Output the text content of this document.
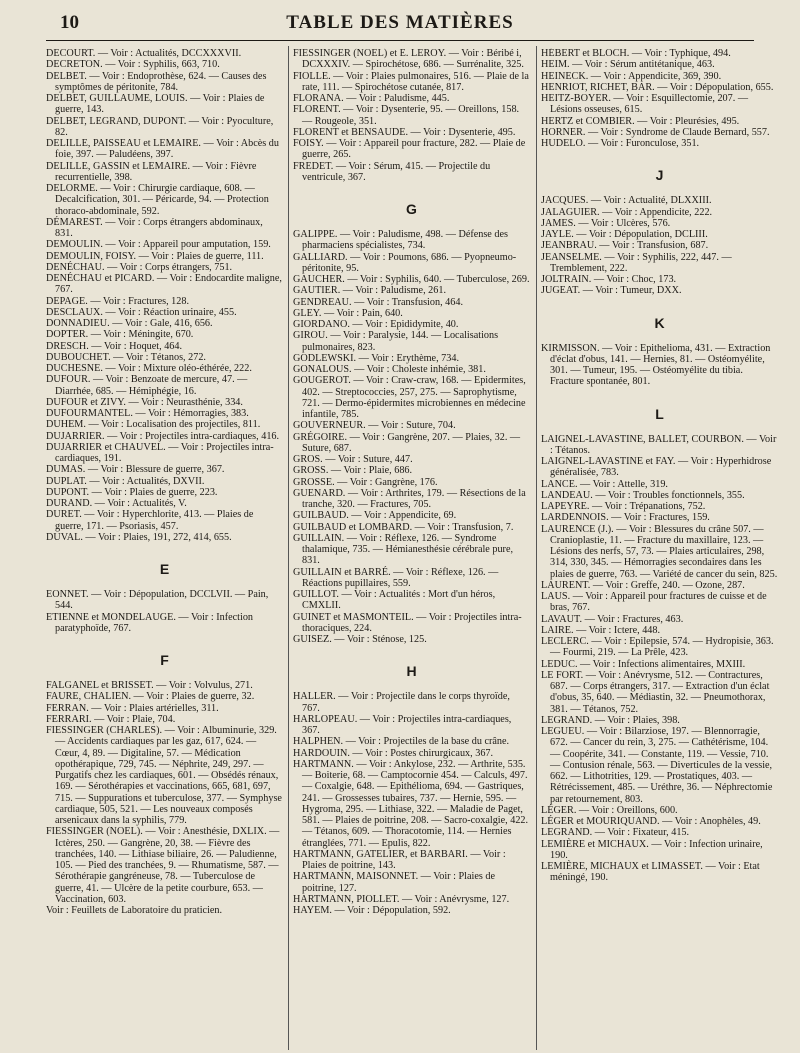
10	TABLE DES MATIÈRES

DECOURT. — Voir : Actualités, DCCXXXVII.

DECRETON. — Voir : Syphilis, 663, 710.

DELBET. — Voir : Endoprothèse, 624. — Causes des symptômes de péritonite, 784.

DELBET, GUILLAUME, LOUIS. — Voir : Plaies de guerre, 143.

DELBET, LEGRAND, DUPONT. — Voir : Pyoculture, 82.

DELILLE, PAISSEAU et LEMAIRE. — Voir : Abcès du foie, 397. — Paludéens, 397.

DELILLE, GASSIN et LEMAIRE. — Voir : Fièvre recurrentielle, 398.

DELORME. — Voir : Chirurgie cardiaque, 608. — Decalcification, 301. — Péricarde, 94. — Protection thoraco-abdominale, 592.

DÉMAREST. — Voir : Corps étrangers abdominaux, 831.

DEMOULIN. — Voir : Appareil pour amputation, 159.

DEMOULIN, FOISY. — Voir : Plaies de guerre, 111.

DENÉCHAU. — Voir : Corps étrangers, 751.

DENÉCHAU et PICARD. — Voir : Endocardite maligne, 767.

DEPAGE. — Voir : Fractures, 128.

DESCLAUX. — Voir : Réaction urinaire, 455.

DONNADIEU. — Voir : Gale, 416, 656.

DOPTER. — Voir : Méningite, 670.

DRESCH. — Voir : Hoquet, 464.

DUBOUCHET. — Voir : Tétanos, 272.

DUCHESNE. — Voir : Mixture oléo-éthérée, 222.

DUFOUR. — Voir : Benzoate de mercure, 47. — Diarrhée, 685. — Hémiphégie, 16.

DUFOUR et ZIVY. — Voir : Neurasthénie, 334.

DUFOURMANTEL. — Voir : Hémorragies, 383.

DUHEM. — Voir : Localisation des projectiles, 811.

DUJARRIER. — Voir : Projectiles intra-cardiaques, 416.

DUJARRIER et CHAUVEL. — Voir : Projectiles intra-cardiaques, 191.

DUMAS. — Voir : Blessure de guerre, 367.

DUPLAT. — Voir : Actualités, DXVII.

DUPONT. — Voir : Plaies de guerre, 223.

DURAND. — Voir : Actualités, V.

DURET. — Voir : Hyperchlorite, 413. — Plaies de guerre, 171. — Psoriasis, 457.

DUVAL. — Voir : Plaies, 191, 272, 414, 655.

E

EONNET. — Voir : Dépopulation, DCCLVII. — Pain, 544.

ETIENNE et MONDELAUGE. — Voir : Infection paratyphoïde, 767.

F

FALGANEL et BRISSET. — Voir : Volvulus, 271.

FAURE, CHALIEN. — Voir : Plaies de guerre, 32.

FERRAN. — Voir : Plaies artérielles, 311.

FERRARI. — Voir : Plaie, 704.

FIESSINGER (CHARLES). — Voir : Albuminurie, 329. — Accidents cardiaques par les gaz, 617, 624. — Cœur, 4, 89. — Digitaline, 57. — Médication opothérapique, 729, 745. — Néphrite, 249, 297. — Purgatifs chez les cardiaques, 601. — Obsédés rénaux, 169. — Sérothérapies et vaccinations, 665, 681, 697, 715. — Suppurations et tuberculose, 377. — Symphyse cardiaque, 505, 521. — Les nouveaux composés arsenicaux dans la syphilis, 779.

FIESSINGER (NOEL). — Voir : Anesthésie, DXLIX. — Ictères, 250. — Gangrène, 20, 38. — Fièvre des tranchées, 140. — Lithiase biliaire, 26. — Paludienne, 105. — Pied des tranchées, 9. — Rhumatisme, 587. — Sérothérapie gangréneuse, 78. — Tuberculose de guerre, 41. — Ulcère de la petite courbure, 653. — Vaccination, 603.

Voir : Feuillets de Laboratoire du praticien.

FIESSINGER (NOEL) et E. LEROY. — Voir : Béribé i, DCXXXIV. — Spirochétose, 686. — Surrénalite, 325.

FIOLLE. — Voir : Plaies pulmonaires, 516. — Plaie de la rate, 111. — Spirochétose cutanée, 817.

FLORANA. — Voir : Paludisme, 445.

FLORENT. — Voir : Dysenterie, 95. — Oreillons, 158. — Rougeole, 351.

FLORENT et BENSAUDE. — Voir : Dysenterie, 495.

FOISY. — Voir : Appareil pour fracture, 282. — Plaie de guerre, 265.

FREDET. — Voir : Sérum, 415. — Projectile du ventricule, 367.

G

GALIPPE. — Voir : Paludisme, 498. — Défense des pharmaciens spécialistes, 734.

GALLIARD. — Voir : Poumons, 686. — Pyopneumo-péritonite, 95.

GAUCHER. — Voir : Syphilis, 640. — Tuberculose, 269.

GAUTIER. — Voir : Paludisme, 261.

GENDREAU. — Voir : Transfusion, 464.

GLEY. — Voir : Pain, 640.

GIORDANO. — Voir : Epididymite, 40.

GIROU. — Voir : Paralysie, 144. — Localisations pulmonaires, 823.

GODLEWSKI. — Voir : Erythème, 734.

GONALOUS. — Voir : Choleste inhémie, 381.

GOUGEROT. — Voir : Craw-craw, 168. — Epidermites, 402. — Streptococcies, 257, 275. — Saprophytisme, 721. — Dermo-épidermites microbiennes en médecine infantile, 785.

GOUVERNEUR. — Voir : Suture, 704.

GRÉGOIRE. — Voir : Gangrène, 207. — Plaies, 32. — Suture, 687.

GROS. — Voir : Suture, 447.

GROSS. — Voir : Plaie, 686.

GROSSE. — Voir : Gangrène, 176.

GUENARD. — Voir : Arthrites, 179. — Résections de la tranche, 320. — Fractures, 705.

GUILBAUD. — Voir : Appendicite, 69.

GUILBAUD et LOMBARD. — Voir : Transfusion, 7.

GUILLAIN. — Voir : Réflexe, 126. — Syndrome thalamique, 735. — Hémianesthésie cérébrale pure, 831.

GUILLAIN et BARRÉ. — Voir : Réflexe, 126. — Réactions pupillaires, 559.

GUILLOT. — Voir : Actualités : Mort d'un héros, CMXLII.

GUINET et MASMONTEIL. — Voir : Projectiles intra-thoraciques, 224.

GUISEZ. — Voir : Sténose, 125.

H

HALLER. — Voir : Projectile dans le corps thyroïde, 767.

HARLOPEAU. — Voir : Projectiles intra-cardiaques, 367.

HALPHEN. — Voir : Projectiles de la base du crâne.

HARDOUIN. — Voir : Postes chirurgicaux, 367.

HARTMANN. — Voir : Ankylose, 232. — Arthrite, 535. — Boiterie, 68. — Camptocornie 454. — Calculs, 497. — Coxalgie, 648. — Epithélioma, 694. — Gastriques, 241. — Grossesses tubaires, 737. — Hernie, 595. — Hygroma, 295. — Lithiase, 322. — Maladie de Paget, 581. — Plaies de poitrine, 208. — Sacro-coxalgie, 422. — Tétanos, 609. — Thoracotomie, 114. — Hernies étranglées, 771. — Epulis, 822.

HARTMANN, GATELIER, et BARBARI. — Voir : Plaies de poitrine, 143.

HARTMANN, MAISONNET. — Voir : Plaies de poitrine, 127.

HARTMANN, PIOLLET. — Voir : Anévrysme, 127.

HAYEM. — Voir : Dépopulation, 592.

HÉBERT et BLOCH. — Voir : Typhique, 494.

HEIM. — Voir : Sérum antitétanique, 463.

HEINECK. — Voir : Appendicite, 369, 390.

HENRIOT, RICHET, BAR. — Voir : Dépopulation, 655.

HEITZ-BOYER. — Voir : Esquillectomie, 207. — Lésions osseuses, 615.

HERTZ et COMBIER. — Voir : Pleurésies, 495.

HORNER. — Voir : Syndrome de Claude Bernard, 557.

HUDELO. — Voir : Furonculose, 351.

J

JACQUES. — Voir : Actualité, DLXXIII.

JALAGUIER. — Voir : Appendicite, 222.

JAMES. — Voir : Ulcères, 576.

JAYLE. — Voir : Dépopulation, DCLIII.

JEANBRAU. — Voir : Transfusion, 687.

JEANSELME. — Voir : Syphilis, 222, 447. — Tremblement, 222.

JOLTRAIN. — Voir : Choc, 173.

JUGEAT. — Voir : Tumeur, DXX.

K

KIRMISSON. — Voir : Epithelioma, 431. — Extraction d'éclat d'obus, 141. — Hernies, 81. — Ostéomyélite, 301. — Tumeur, 195. — Ostéomyélite du tibia. Fracture spontanée, 801.

L

LAIGNEL-LAVASTINE, BALLET, COURBON. — Voir : Tétanos.

LAIGNEL-LAVASTINE et FAY. — Voir : Hyperhidrose généralisée, 783.

LANCE. — Voir : Attelle, 319.

LANDEAU. — Voir : Troubles fonctionnels, 355.

LAPEYRE. — Voir : Trépanations, 752.

LARDENNOIS. — Voir : Fractures, 159.

LAURENCE (J.). — Voir : Blessures du crâne 507. — Cranioplastie, 11. — Fracture du maxillaire, 123. — Lésions des nerfs, 57, 73. — Plaies articulaires, 298, 314, 330, 345. — Hémorragies secondaires dans les plaies de guerre, 763. — Variété de cancer du sein, 825.

LAURENT. — Voir : Greffe, 240. — Ozone, 287.

LAUS. — Voir : Appareil pour fractures de cuisse et de bras, 767.

LAVAUT. — Voir : Fractures, 463.

LAIRE. — Voir : Ictere, 448.

LECLERC. — Voir : Epilepsie, 574. — Hydropisie, 363. — Fourmi, 219. — La Prêle, 423.

LEDUC. — Voir : Infections alimentaires, MXIII.

LE FORT. — Voir : Anévrysme, 512. — Contractures, 687. — Corps étrangers, 317. — Extraction d'un éclat d'obus, 35, 640. — Médiastin, 32. — Pneumothorax, 381. — Tétanos, 752.

LEGRAND. — Voir : Plaies, 398.

LEGUEU. — Voir : Bilarziose, 197. — Blennorragie, 672. — Cancer du rein, 3, 275. — Cathétérisme, 104. — Coopérite, 341. — Constante, 119. — Vessie, 710. — Contusion rénale, 563. — Diverticules de la vessie, 662. — Lithotrities, 129. — Prostatiques, 403. — Rétrécissement, 485. — Uréthre, 36. — Néphrectomie par retournement, 803.

LÉGER. — Voir : Oreillons, 600.

LÉGER et MOURIQUAND. — Voir : Anophèles, 49.

LEGRAND. — Voir : Fixateur, 415.

LEMIÈRE et MICHAUX. — Voir : Infection urinaire, 190.

LEMIÈRE, MICHAUX et LIMASSET. — Voir : Etat méningé, 190.
